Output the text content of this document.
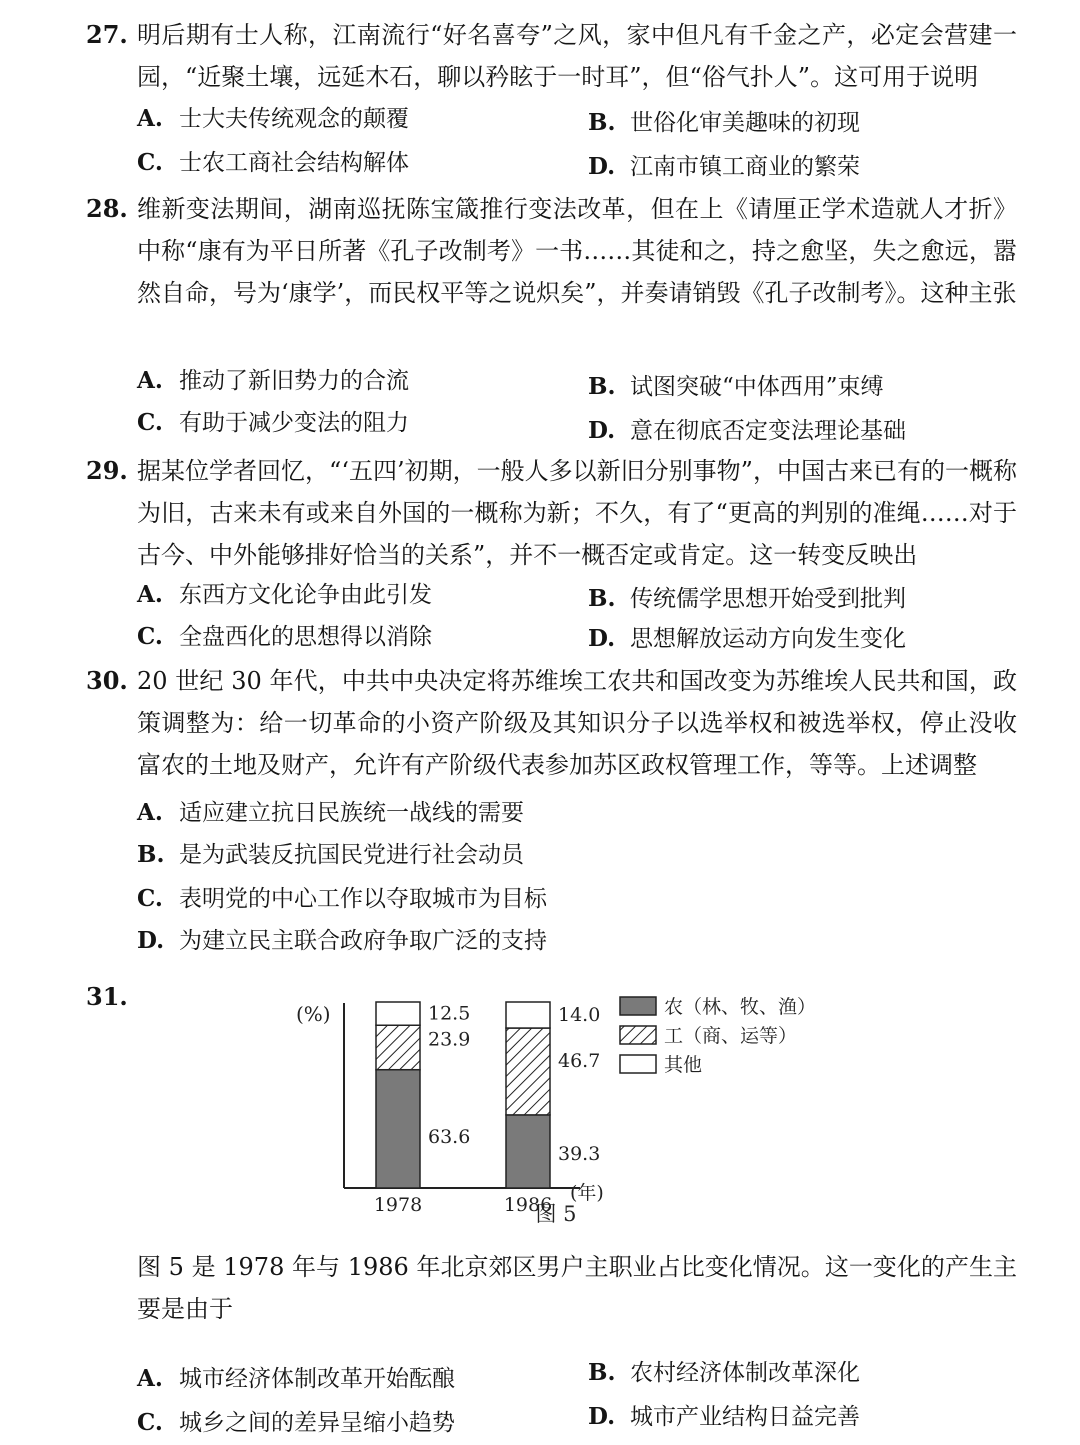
27. 明后期有士人称，江南流行“好名喜夸”之风，家中但凡有千金之产，必定会营建一园，“近聚土壤，远延木石，聊以矜眩于一时耳”，但“俗气扑人”。这可用于说明
A. 士大夫传统观念的颠覆	B. 世俗化审美趣味的初现
C. 士农工商社会结构解体	D. 江南市镇工商业的繁荣
28. 维新变法期间，湖南巡抚陈宝箴推行变法改革，但在上《请厘正学术造就人才折》中称“康有为平日所著《孔子改制考》一书……其徒和之，持之愈坚，失之愈远，嚣然自命，号为‘康学’，而民权平等之说炽矣”，并奏请销毁《孔子改制考》。这种主张
A. 推动了新旧势力的合流	B. 试图突破“中体西用”束缚
C. 有助于减少变法的阻力	D. 意在彻底否定变法理论基础
29. 据某位学者回忆，“‘五四’初期，一般人多以新旧分别事物”，中国古来已有的一概称为旧，古来未有或来自外国的一概称为新；不久，有了“更高的判别的准绳……对于古今、中外能够排好恰当的关系”，并不一概否定或肯定。这一转变反映出
A. 东西方文化论争由此引发	B. 传统儒学思想开始受到批判
C. 全盘西化的思想得以消除	D. 思想解放运动方向发生变化
30. 20 世纪 30 年代，中共中央决定将苏维埃工农共和国改变为苏维埃人民共和国，政策调整为：给一切革命的小资产阶级及其知识分子以选举权和被选举权，停止没收富农的土地及财产，允许有产阶级代表参加苏区政权管理工作，等等。上述调整
A. 适应建立抗日民族统一战线的需要
B. 是为武装反抗国民党进行社会动员
C. 表明党的中心工作以夺取城市为目标
D. 为建立民主联合政府争取广泛的支持
31.
(%)
63.6
23.9
12.5
1978
39.3
46.7
14.0
1986
(年)
农（林、牧、渔）
工（商、运等）
其他
图 5
图 5 是 1978 年与 1986 年北京郊区男户主职业占比变化情况。这一变化的产生主要是由于
A. 城市经济体制改革开始酝酿	B. 农村经济体制改革深化
C. 城乡之间的差异呈缩小趋势	D. 城市产业结构日益完善
